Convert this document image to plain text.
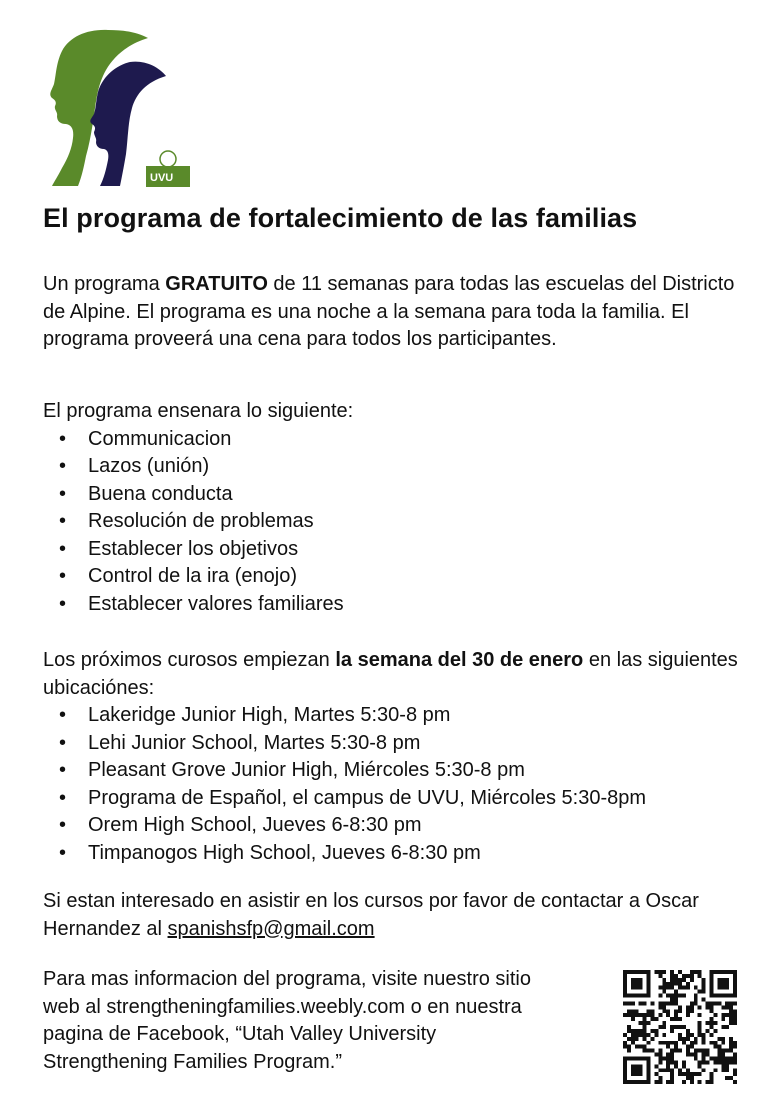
UVU
El programa de fortalecimiento de las familias

Un programa GRATUITO de 11 semanas para todas las escuelas del Districto de Alpine. El programa es una noche a la semana para toda la familia. El programa proveerá una cena para todos los participantes.

El programa ensenara lo siguiente:
• Communicacion
• Lazos (unión)
• Buena conducta
• Resolución de problemas
• Establecer los objetivos
• Control de la ira (enojo)
• Establecer valores familiares
Los próximos curosos empiezan la semana del 30 de enero en las siguientes ubicaciónes:
• Lakeridge Junior High, Martes 5:30-8 pm
• Lehi Junior School, Martes 5:30-8 pm
• Pleasant Grove Junior High, Miércoles 5:30-8 pm
• Programa de Español, el campus de UVU, Miércoles 5:30-8pm
• Orem High School, Jueves 6-8:30 pm
• Timpanogos High School, Jueves 6-8:30 pm

Si estan interesado en asistir en los cursos por favor de contactar a Oscar Hernandez al spanishsfp@gmail.com

Para mas informacion del programa, visite nuestro sitio
web al strengtheningfamilies.weebly.com o en nuestra
pagina de Facebook, “Utah Valley University
Strengthening Families Program.”
